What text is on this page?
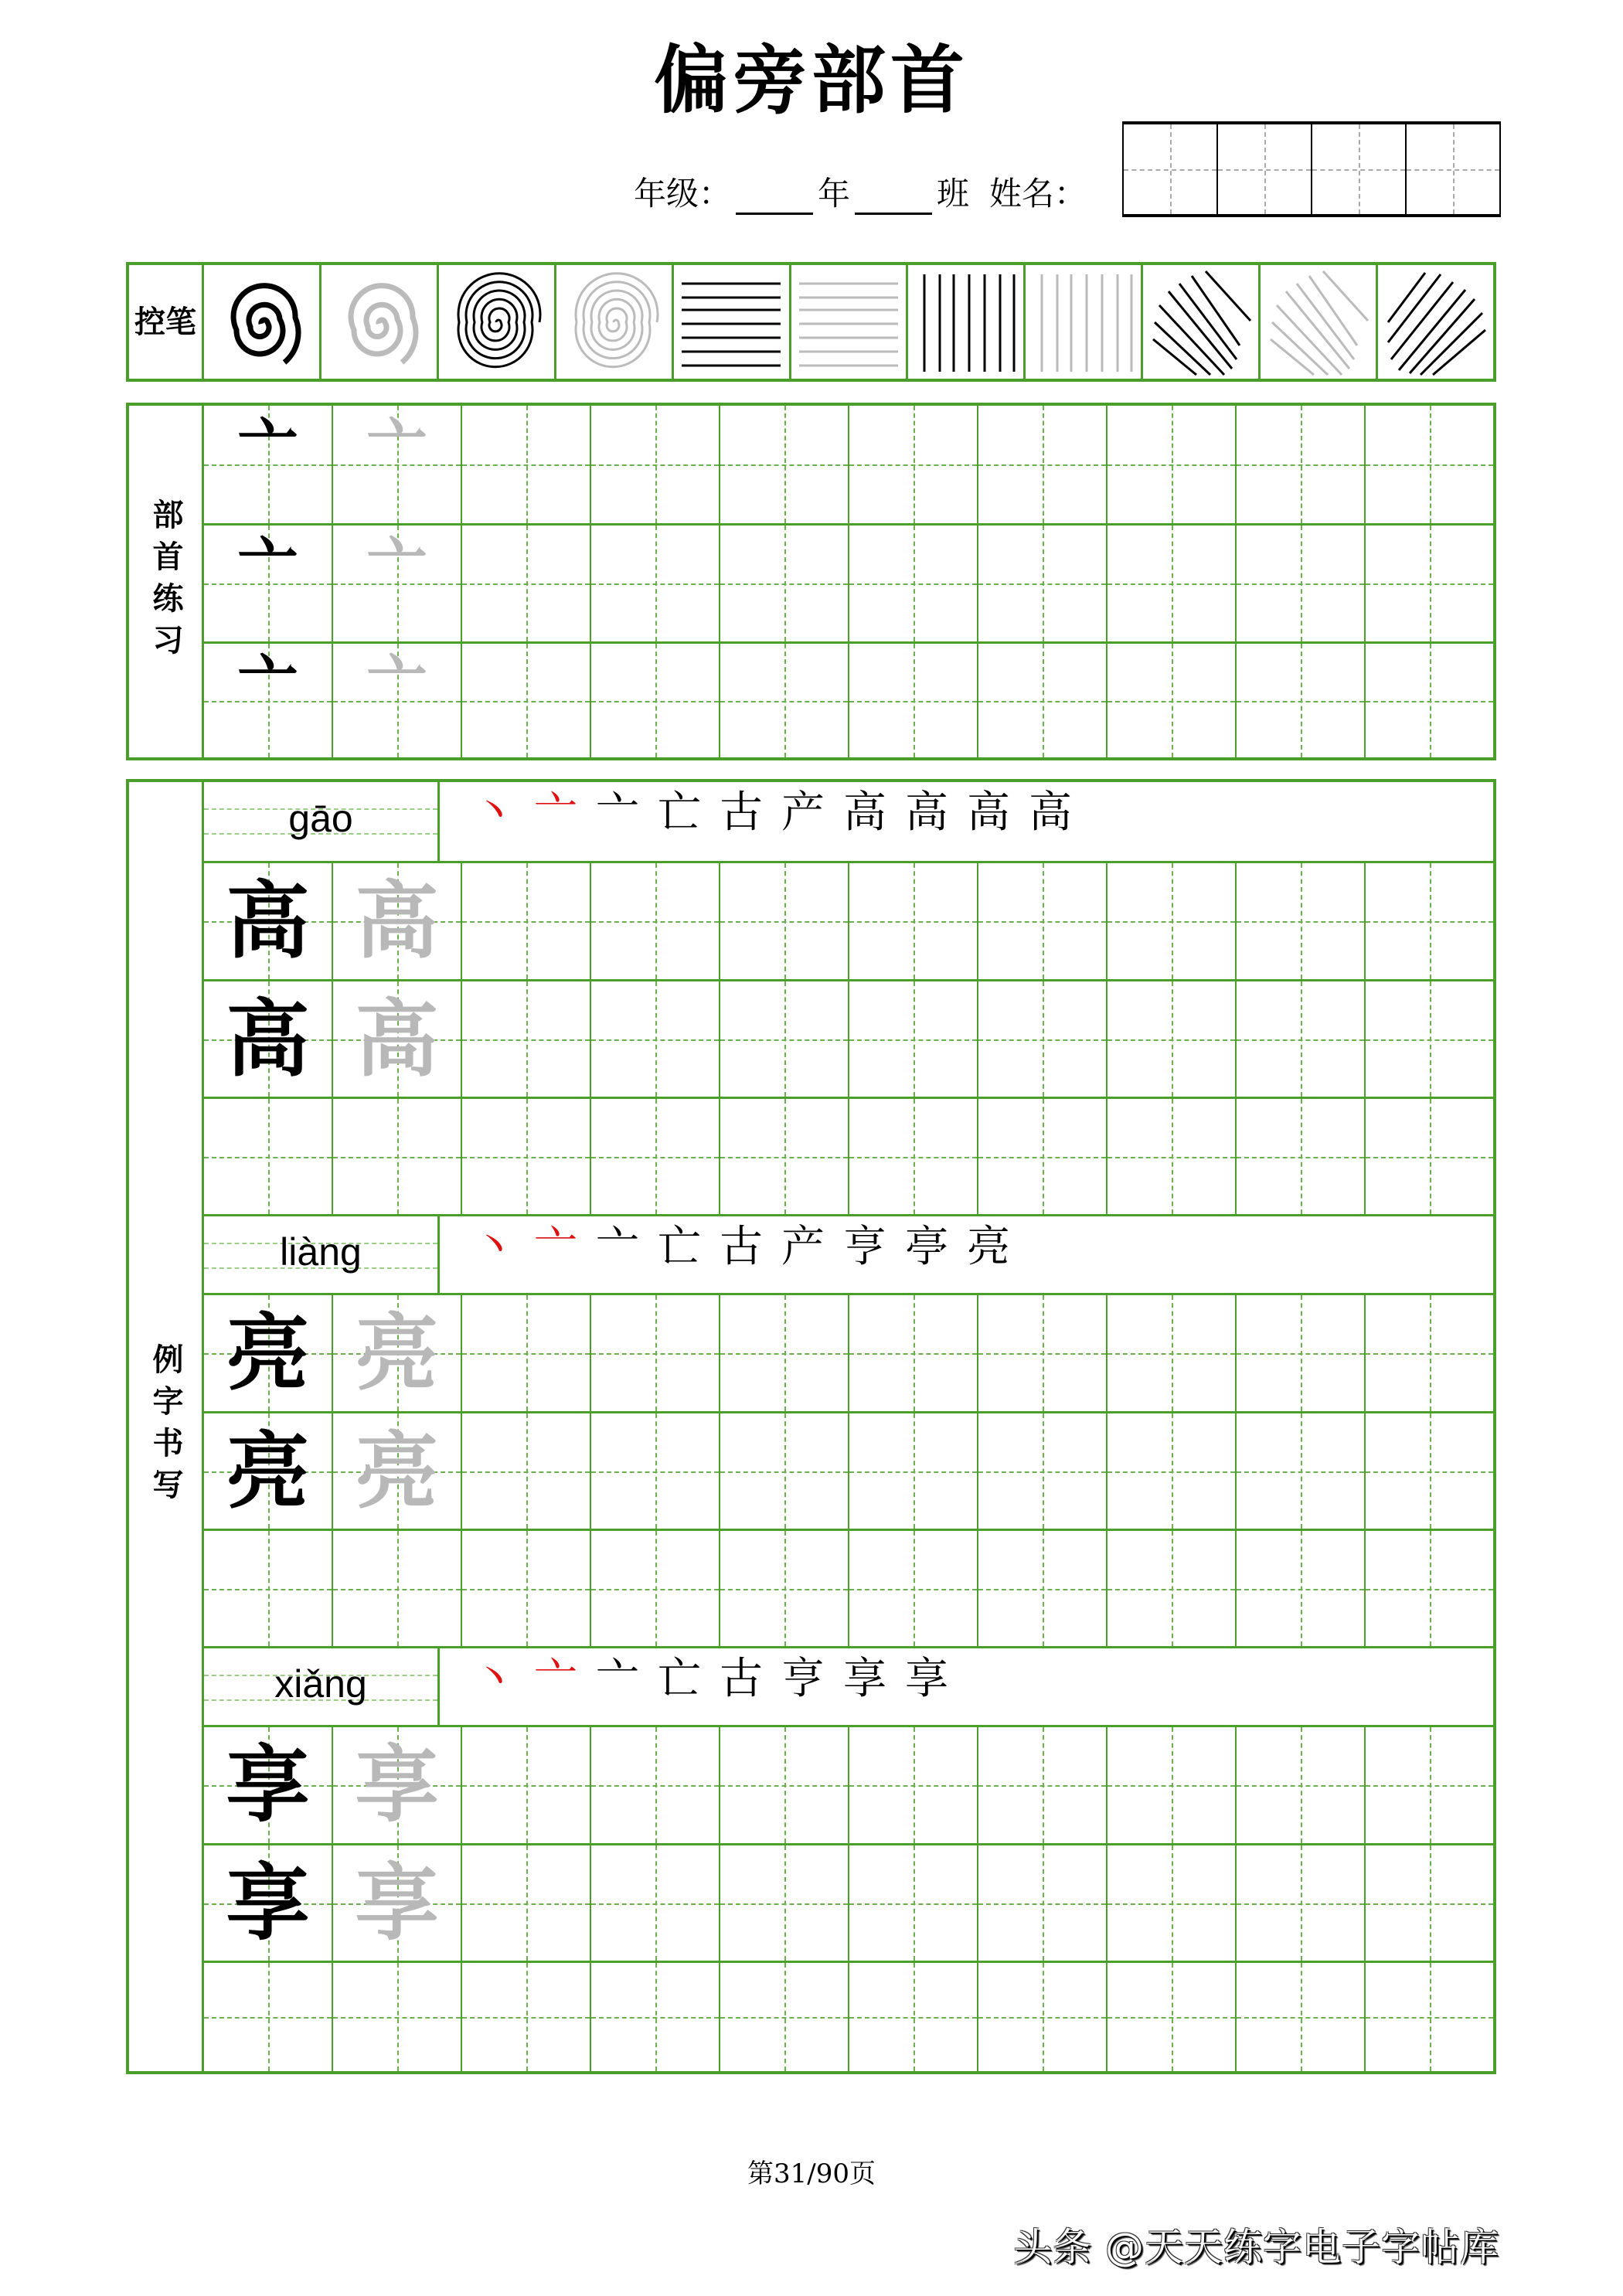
偏旁部首
年级：	年	班 姓名：
控笔
部首练习
亠 亠
亠 亠
亠 亠
例字书写
gāo	丶 亠 亠 亡 古 产 高 高 高 高
高 高
高 高
liàng	丶 亠 亠 亡 古 产 亨 亭 亮
亮 亮
亮 亮
xiǎng 丶 亠 亠 亡 古 亨 享 享
享 享
享 享
第31/90页
头条 @天天练字电子字帖库
